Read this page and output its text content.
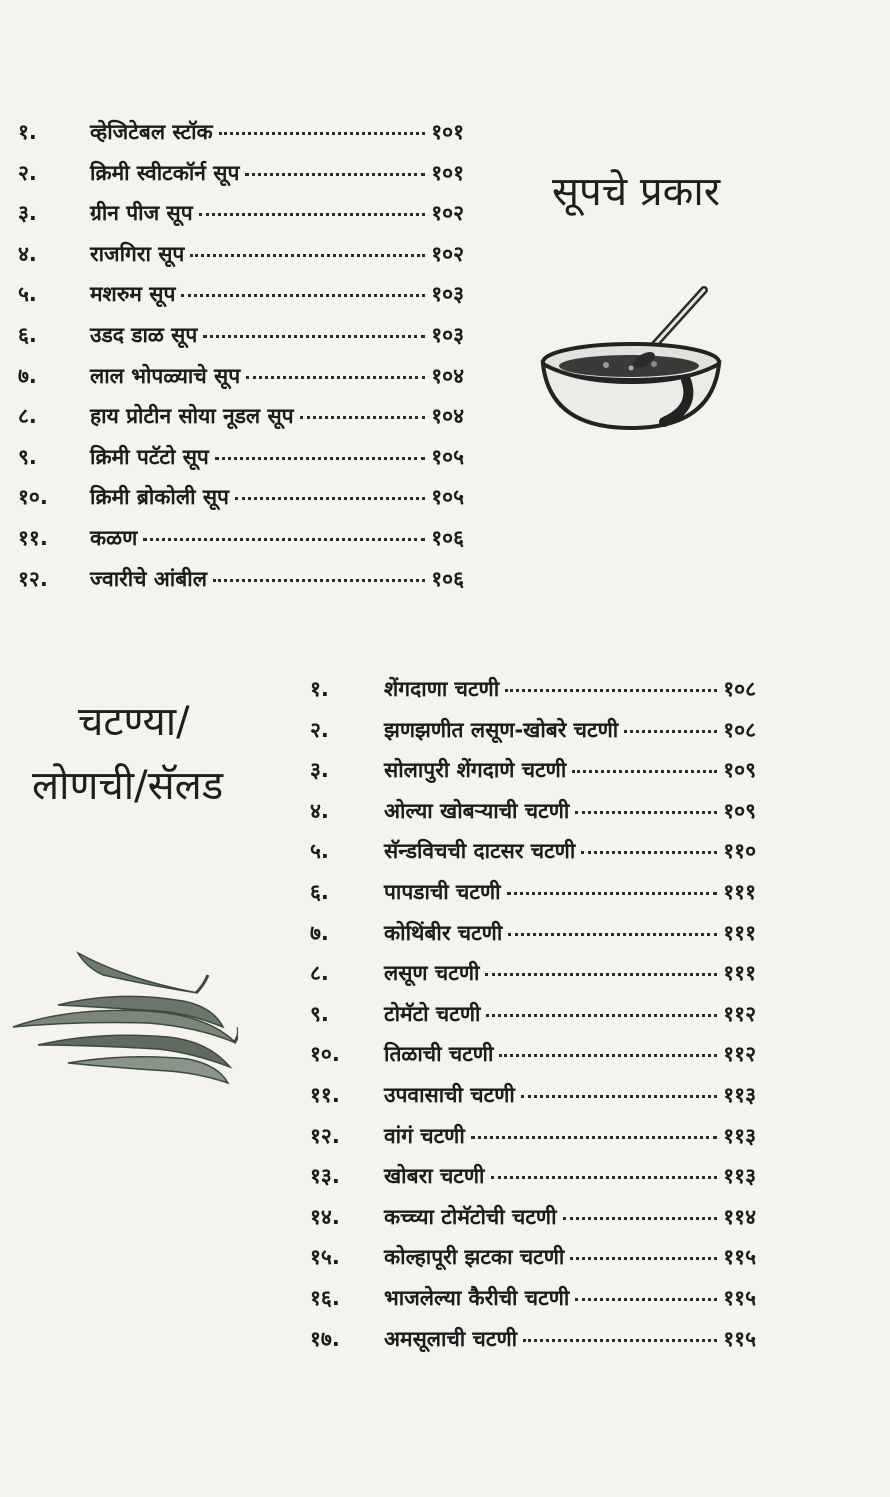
१.	व्हेजिटेबल स्टॉक	१०१
२.	क्रिमी स्वीटकॉर्न सूप	१०१
३.	ग्रीन पीज सूप	१०२
४.	राजगिरा सूप	१०२
५.	मशरुम सूप	१०३
६.	उडद डाळ सूप	१०३
७.	लाल भोपळ्याचे सूप	१०४
८.	हाय प्रोटीन सोया नूडल सूप	१०४
९.	क्रिमी पटॅटो सूप	१०५
१०. क्रिमी ब्रोकोली सूप	१०५
११. कळण	१०६
१२. ज्वारीचे आंबील	१०६
सूपचे प्रकार
चटण्या/
लोणची/सॅलड
१.	शेंगदाणा चटणी	१०८
२.	झणझणीत लसूण-खोबरे चटणी	१०८
३.	सोलापुरी शेंगदाणे चटणी	१०९
४.	ओल्या खोबऱ्याची चटणी	१०९
५.	सॅन्डविचची दाटसर चटणी	११०
६.	पापडाची चटणी	१११
७.	कोथिंबीर चटणी	१११
८.	लसूण चटणी	१११
९.	टोमॅटो चटणी	११२
१०. तिळाची चटणी	११२
११. उपवासाची चटणी	११३
१२. वांगं चटणी	११३
१३. खोबरा चटणी	११३
१४. कच्च्या टोमॅटोची चटणी	११४
१५. कोल्हापूरी झटका चटणी	११५
१६. भाजलेल्या कैरीची चटणी	११५
१७. अमसूलाची चटणी	११५
